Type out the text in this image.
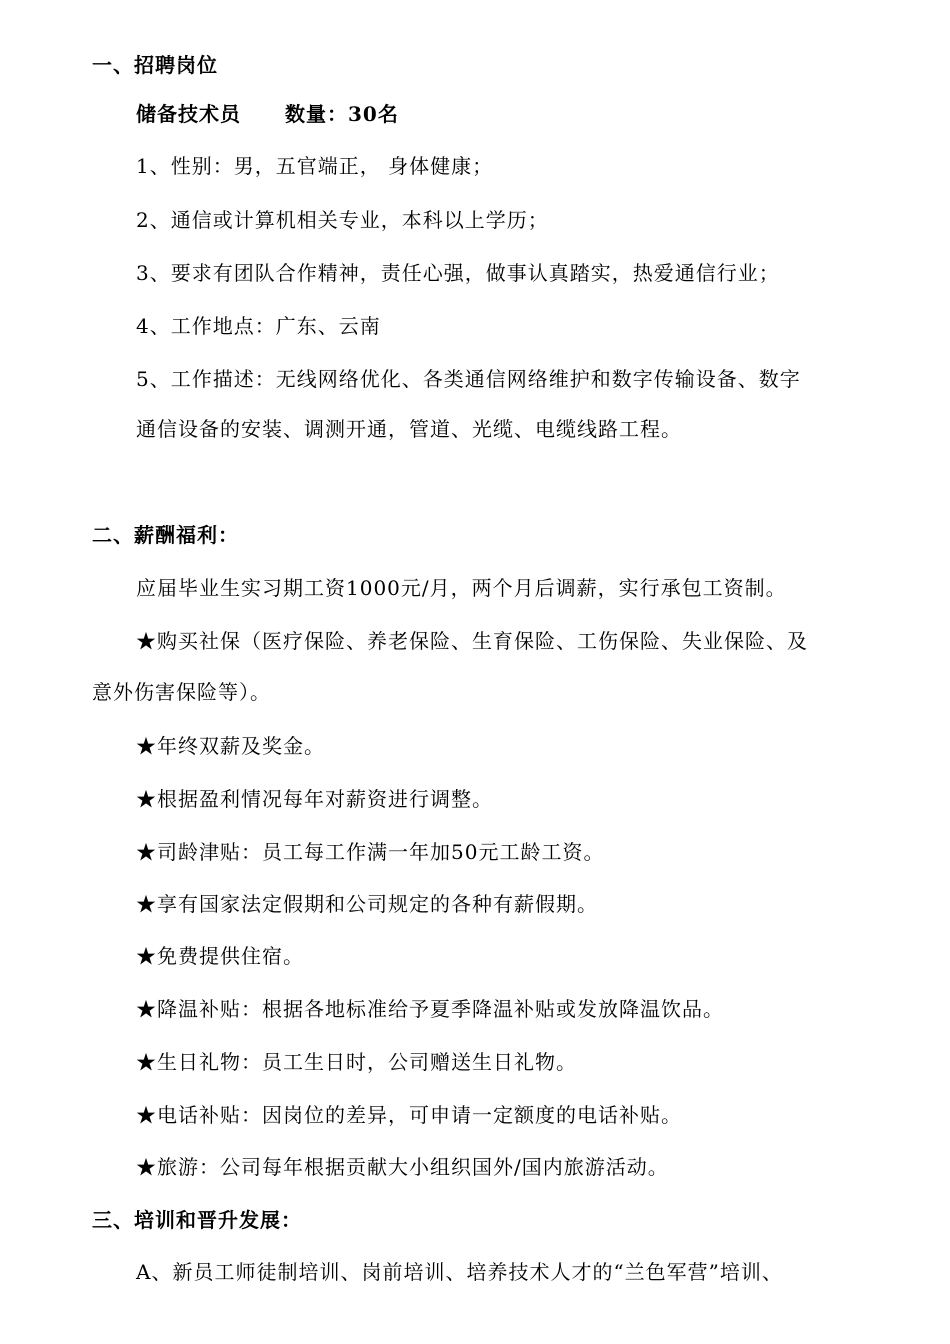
一、招聘岗位
储备技术员 数量：30名
1、性别：男，五官端正， 身体健康；
2、通信或计算机相关专业，本科以上学历；
3、要求有团队合作精神，责任心强，做事认真踏实，热爱通信行业；
4、工作地点：广东、云南
5、工作描述：无线网络优化、各类通信网络维护和数字传输设备、数字
通信设备的安装、调测开通，管道、光缆、电缆线路工程。
二、薪酬福利：
应届毕业生实习期工资1000元/月，两个月后调薪，实行承包工资制。
★购买社保（医疗保险、养老保险、生育保险、工伤保险、失业保险、及
意外伤害保险等）。
★年终双薪及奖金。
★根据盈利情况每年对薪资进行调整。
★司龄津贴：员工每工作满一年加50元工龄工资。
★享有国家法定假期和公司规定的各种有薪假期。
★免费提供住宿。
★降温补贴：根据各地标准给予夏季降温补贴或发放降温饮品。
★生日礼物：员工生日时，公司赠送生日礼物。
★电话补贴：因岗位的差异，可申请一定额度的电话补贴。
★旅游：公司每年根据贡献大小组织国外/国内旅游活动。
三、培训和晋升发展：
A、新员工师徒制培训、岗前培训、培养技术人才的“兰色军营”培训、
